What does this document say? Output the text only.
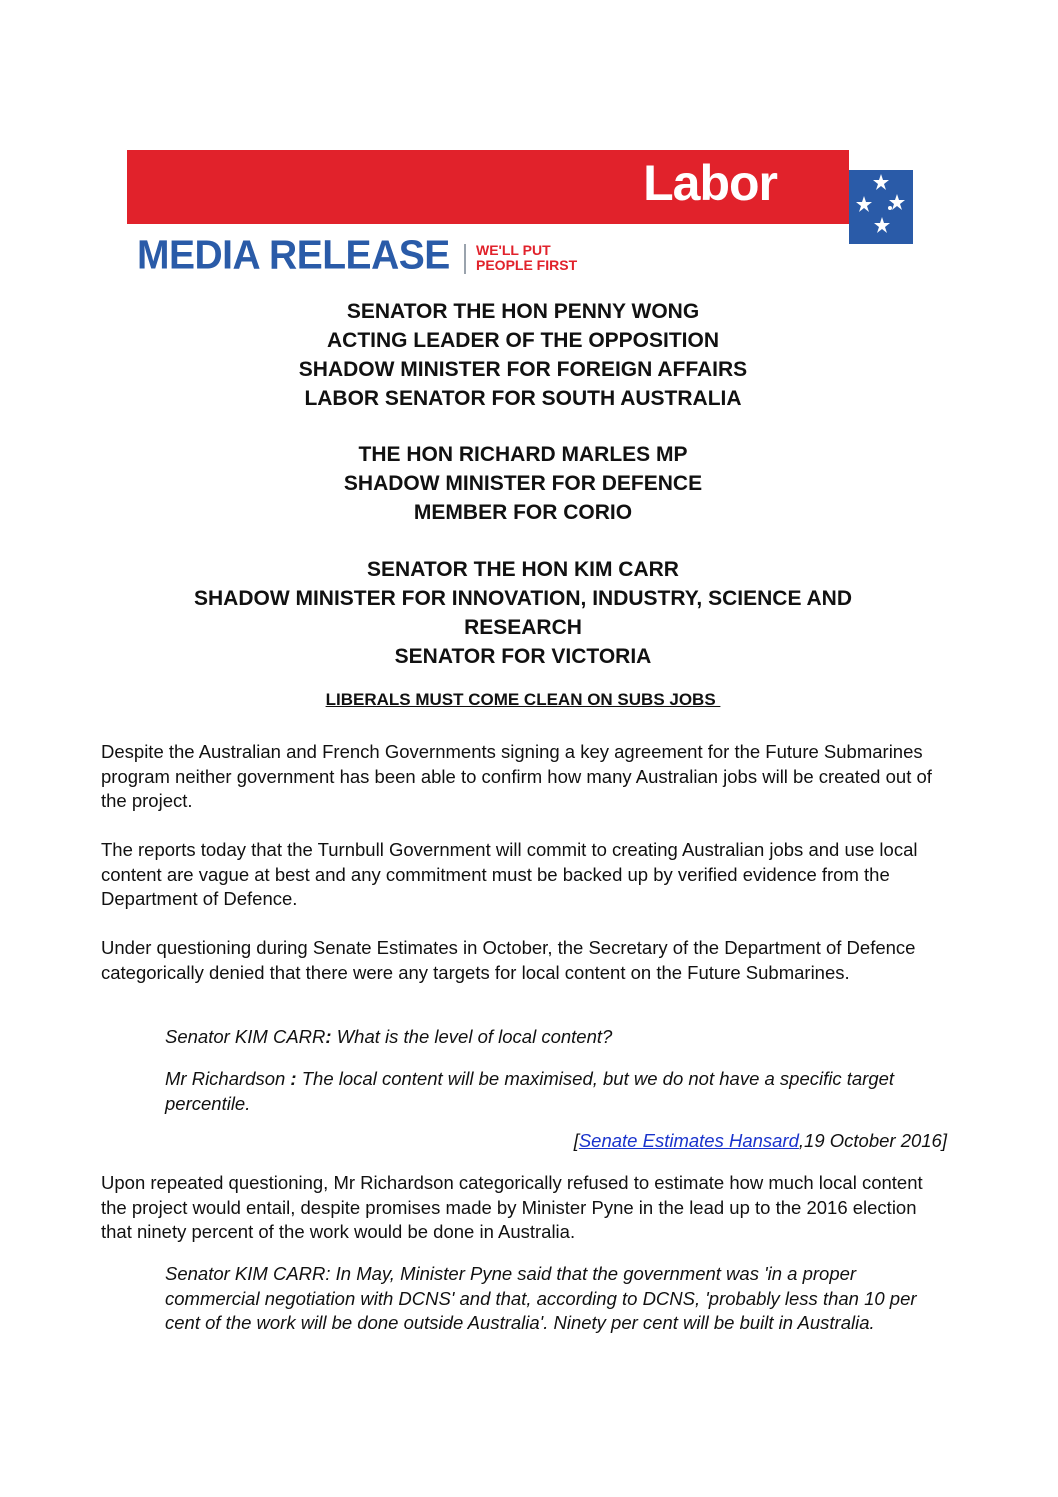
Labor
MEDIA RELEASE WE'LL PUT
PEOPLE FIRST
SENATOR THE HON PENNY WONG
ACTING LEADER OF THE OPPOSITION
SHADOW MINISTER FOR FOREIGN AFFAIRS
LABOR SENATOR FOR SOUTH AUSTRALIA
THE HON RICHARD MARLES MP
SHADOW MINISTER FOR DEFENCE
MEMBER FOR CORIO
SENATOR THE HON KIM CARR
SHADOW MINISTER FOR INNOVATION, INDUSTRY, SCIENCE AND
RESEARCH
SENATOR FOR VICTORIA
LIBERALS MUST COME CLEAN ON SUBS JOBS
Despite the Australian and French Governments signing a key agreement for the Future Submarines program neither government has been able to confirm how many Australian jobs will be created out of the project.
The reports today that the Turnbull Government will commit to creating Australian jobs and use local content are vague at best and any commitment must be backed up by verified evidence from the Department of Defence.
Under questioning during Senate Estimates in October, the Secretary of the Department of Defence categorically denied that there were any targets for local content on the Future Submarines.
Senator KIM CARR: What is the level of local content?
Mr Richardson : The local content will be maximised, but we do not have a specific target percentile.
[Senate Estimates Hansard,19 October 2016]
Upon repeated questioning, Mr Richardson categorically refused to estimate how much local content the project would entail, despite promises made by Minister Pyne in the lead up to the 2016 election that ninety percent of the work would be done in Australia.
Senator KIM CARR: In May, Minister Pyne said that the government was 'in a proper commercial negotiation with DCNS' and that, according to DCNS, 'probably less than 10 per cent of the work will be done outside Australia'. Ninety per cent will be built in Australia.
